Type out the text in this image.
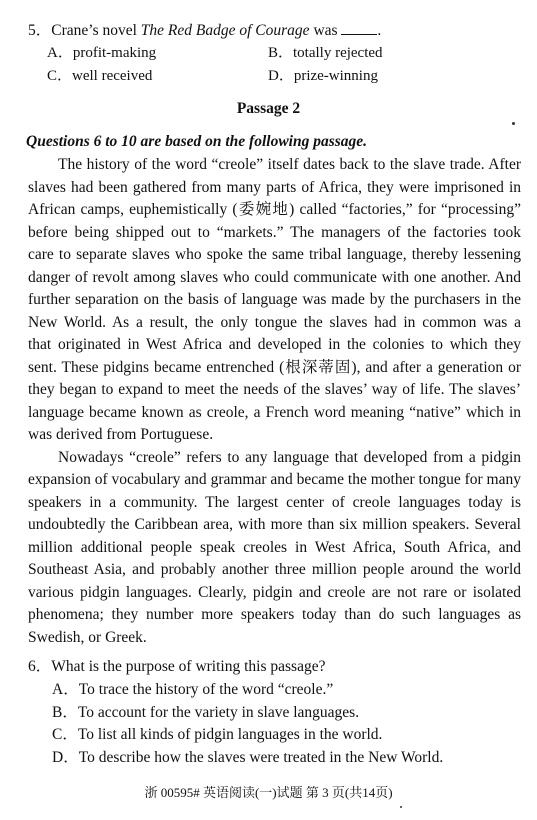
5．Crane’s novel The Red Badge of Courage was	.
A．profit-making	B．totally rejected
C．well received	D．prize-winning
Passage 2
Questions 6 to 10 are based on the following passage.
The history of the word “creole” itself dates back to the slave trade. After
slaves had been gathered from many parts of Africa, they were imprisoned in
African camps, euphemistically (委婉地) called “factories,” for “processing”
before being shipped out to “markets.” The managers of the factories took
care to separate slaves who spoke the same tribal language, thereby lessening
danger of revolt among slaves who could communicate with one another. And
further separation on the basis of language was made by the purchasers in the
New World. As a result, the only tongue the slaves had in common was a
that originated in West Africa and developed in the colonies to which they
sent. These pidgins became entrenched (根深蒂固), and after a generation or
they began to expand to meet the needs of the slaves’ way of life. The slaves’
language became known as creole, a French word meaning “native” which in
was derived from Portuguese.
Nowadays “creole” refers to any language that developed from a pidgin
expansion of vocabulary and grammar and became the mother tongue for many
speakers in a community. The largest center of creole languages today is
undoubtedly the Caribbean area, with more than six million speakers. Several
million additional people speak creoles in West Africa, South Africa, and
Southeast Asia, and probably another three million people around the world
various pidgin languages. Clearly, pidgin and creole are not rare or isolated
phenomena; they number more speakers today than do such languages as
Swedish, or Greek.
6．What is the purpose of writing this passage?
A．To trace the history of the word “creole.”
B．To account for the variety in slave languages.
C．To list all kinds of pidgin languages in the world.
D．To describe how the slaves were treated in the New World.
浙 00595# 英语阅读(一)试题 第 3 页(共14页)
